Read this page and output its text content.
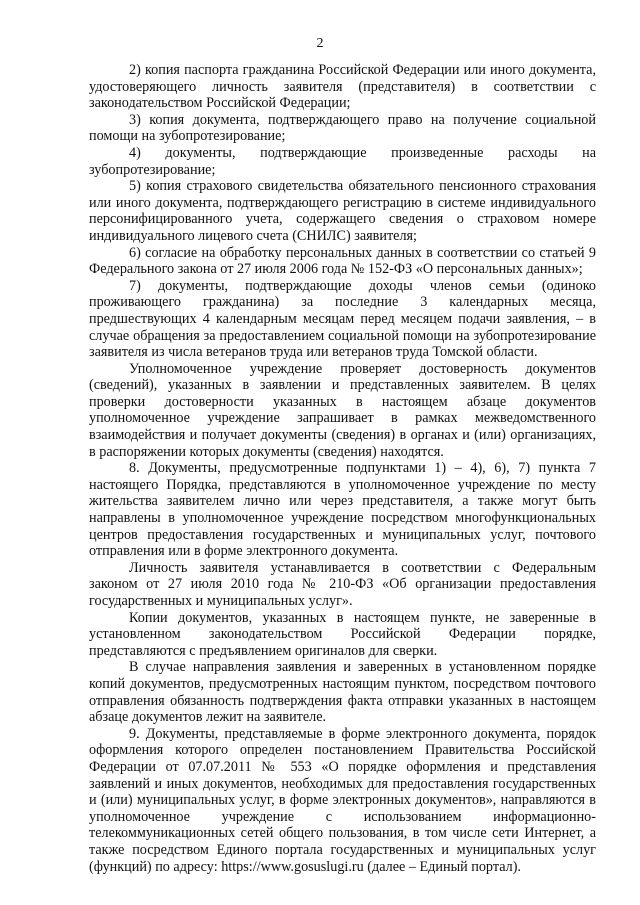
2

2) копия паспорта гражданина Российской Федерации или иного документа, удостоверяющего личность заявителя (представителя) в соответствии с законодательством Российской Федерации;

3) копия документа, подтверждающего право на получение социальной помощи на зубопротезирование;

4) документы, подтверждающие произведенные расходы на зубопротезирование;

5) копия страхового свидетельства обязательного пенсионного страхования или иного документа, подтверждающего регистрацию в системе индивидуального персонифицированного учета, содержащего сведения о страховом номере индивидуального лицевого счета (СНИЛС) заявителя;

6) согласие на обработку персональных данных в соответствии со статьей 9 Федерального закона от 27 июля 2006 года № 152-ФЗ «О персональных данных»;

7) документы, подтверждающие доходы членов семьи (одиноко проживающего гражданина) за последние 3 календарных месяца, предшествующих 4 календарным месяцам перед месяцем подачи заявления, – в случае обращения за предоставлением социальной помощи на зубопротезирование заявителя из числа ветеранов труда или ветеранов труда Томской области.

Уполномоченное учреждение проверяет достоверность документов (сведений), указанных в заявлении и представленных заявителем. В целях проверки достоверности указанных в настоящем абзаце документов уполномоченное учреждение запрашивает в рамках межведомственного взаимодействия и получает документы (сведения) в органах и (или) организациях, в распоряжении которых документы (сведения) находятся.

8. Документы, предусмотренные подпунктами 1) – 4), 6), 7) пункта 7 настоящего Порядка, представляются в уполномоченное учреждение по месту жительства заявителем лично или через представителя, а также могут быть направлены в уполномоченное учреждение посредством многофункциональных центров предоставления государственных и муниципальных услуг, почтового отправления или в форме электронного документа.

Личность заявителя устанавливается в соответствии с Федеральным законом от 27 июля 2010 года № 210-ФЗ «Об организации предоставления государственных и муниципальных услуг».

Копии документов, указанных в настоящем пункте, не заверенные в установленном законодательством Российской Федерации порядке, представляются с предъявлением оригиналов для сверки.

В случае направления заявления и заверенных в установленном порядке копий документов, предусмотренных настоящим пунктом, посредством почтового отправления обязанность подтверждения факта отправки указанных в настоящем абзаце документов лежит на заявителе.

9. Документы, представляемые в форме электронного документа, порядок оформления которого определен постановлением Правительства Российской Федерации от 07.07.2011 № 553 «О порядке оформления и представления заявлений и иных документов, необходимых для предоставления государственных и (или) муниципальных услуг, в форме электронных документов», направляются в уполномоченное учреждение с использованием информационно-телекоммуникационных сетей общего пользования, в том числе сети Интернет, а также посредством Единого портала государственных и муниципальных услуг (функций) по адресу: https://www.gosuslugi.ru (далее – Единый портал).
